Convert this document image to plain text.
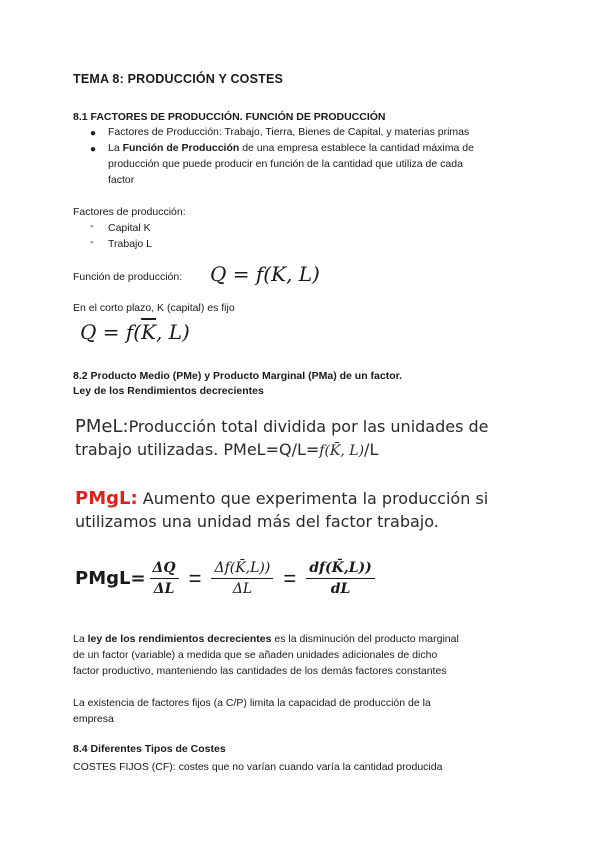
TEMA 8: PRODUCCIÓN Y COSTES
8.1 FACTORES DE PRODUCCIÓN. FUNCIÓN DE PRODUCCIÓN
● Factores de Producción: Trabajo, Tierra, Bienes de Capital, y materias primas
● La Función de Producción de una empresa establece la cantidad máxima de
producción que puede producir en función de la cantidad que utiliza de cada
factor
Factores de producción:
- Capital K
- Trabajo L
Función de producción: Q = f(K, L)
En el corto plazo, K (capital) es fijo
$Q = f(\overline{K}$, L)
8.2 Producto Medio (PMe) y Producto Marginal (PMa) de un factor.
Ley de los Rendimientos decrecientes
PMeL:Producción total dividida por las unidades de
trabajo utilizadas. PMeL=Q/L=f(K̄, L)/L
PMgL: Aumento que experimenta la producción si
utilizamos una unidad más del factor trabajo.
PMgL= $\frac{\Delta Q}{\Delta L} = \frac{\Delta f(K̄,L))}{\Delta L} = \frac{df(K̄,L))}{dL}$
La ley de los rendimientos decrecientes es la disminución del producto marginal
de un factor (variable) a medida que se añaden unidades adicionales de dicho
factor productivo, manteniendo las cantidades de los demás factores constantes
La existencia de factores fijos (a C/P) limita la capacidad de producción de la
empresa
8.4 Diferentes Tipos de Costes
COSTES FIJOS (CF): costes que no varían cuando varía la cantidad producida
